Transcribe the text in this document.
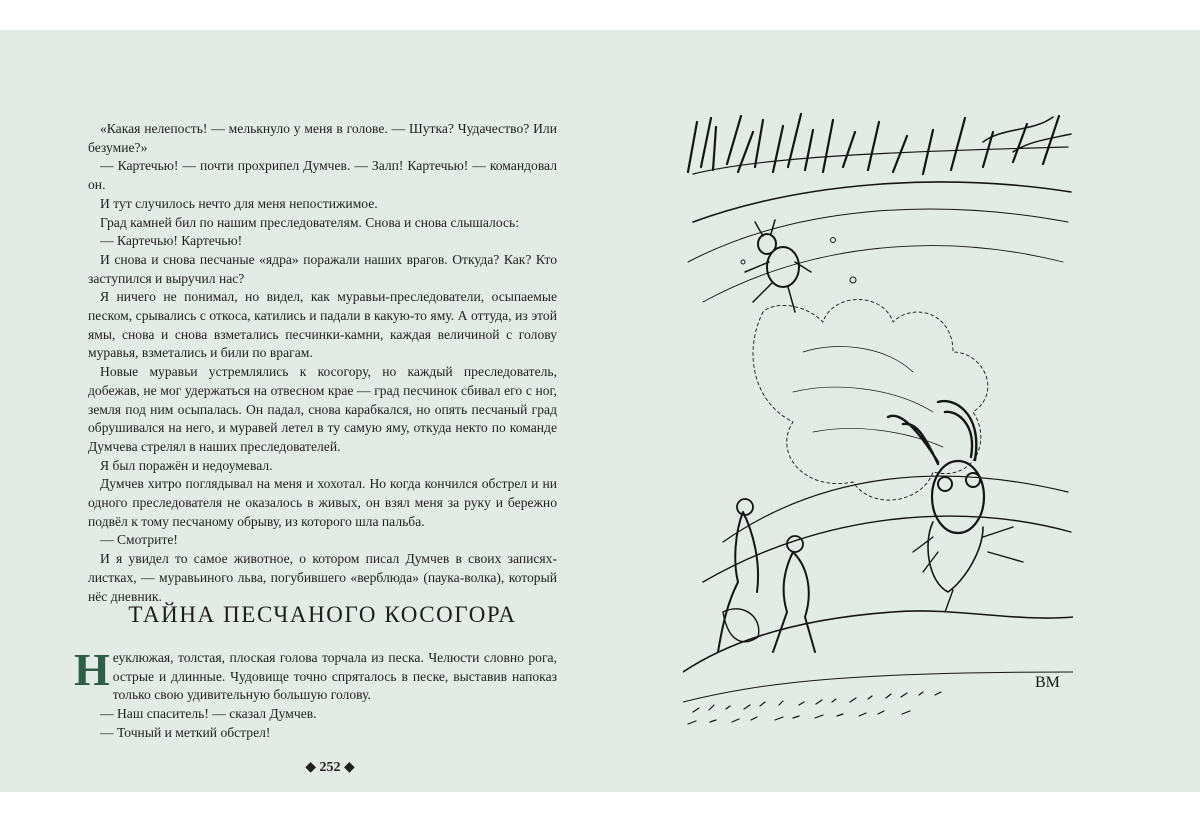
«Какая нелепость! — мелькнуло у меня в голове. — Шутка? Чудачество? Или безумие?»

— Картечью! — почти прохрипел Думчев. — Залп! Картечью! — командовал он.

И тут случилось нечто для меня непостижимое.

Град камней бил по нашим преследователям. Снова и снова слышалось:

— Картечью! Картечью!

И снова и снова песчаные «ядра» поражали наших врагов. Откуда? Как? Кто заступился и выручил нас?

Я ничего не понимал, но видел, как муравьи-преследователи, осыпаемые песком, срывались с откоса, катились и падали в какую-то яму. А оттуда, из этой ямы, снова и снова взметались песчинки-камни, каждая величиной с голову муравья, взметались и били по врагам.

Новые муравьи устремлялись к косогору, но каждый преследователь, добежав, не мог удержаться на отвесном крае — град песчинок сбивал его с ног, земля под ним осыпалась. Он падал, снова карабкался, но опять песчаный град обрушивался на него, и муравей летел в ту самую яму, откуда некто по команде Думчева стрелял в наших преследователей.

Я был поражён и недоумевал.

Думчев хитро поглядывал на меня и хохотал. Но когда кончился обстрел и ни одного преследователя не оказалось в живых, он взял меня за руку и бережно подвёл к тому песчаному обрыву, из которого шла пальба.

— Смотрите!

И я увидел то самое животное, о котором писал Думчев в своих записях-листках, — муравьиного льва, погубившего «верблюда» (паука-волка), который нёс дневник.

ТАЙНА ПЕСЧАНОГО КОСОГОРА

Неуклюжая, толстая, плоская голова торчала из песка. Челюсти словно рога, острые и длинные. Чудовище точно спряталось в песке, выставив напоказ только свою удивительную большую голову.

— Наш спаситель! — сказал Думчев.

— Точный и меткий обстрел!

◆ 252 ◆
ВМ
